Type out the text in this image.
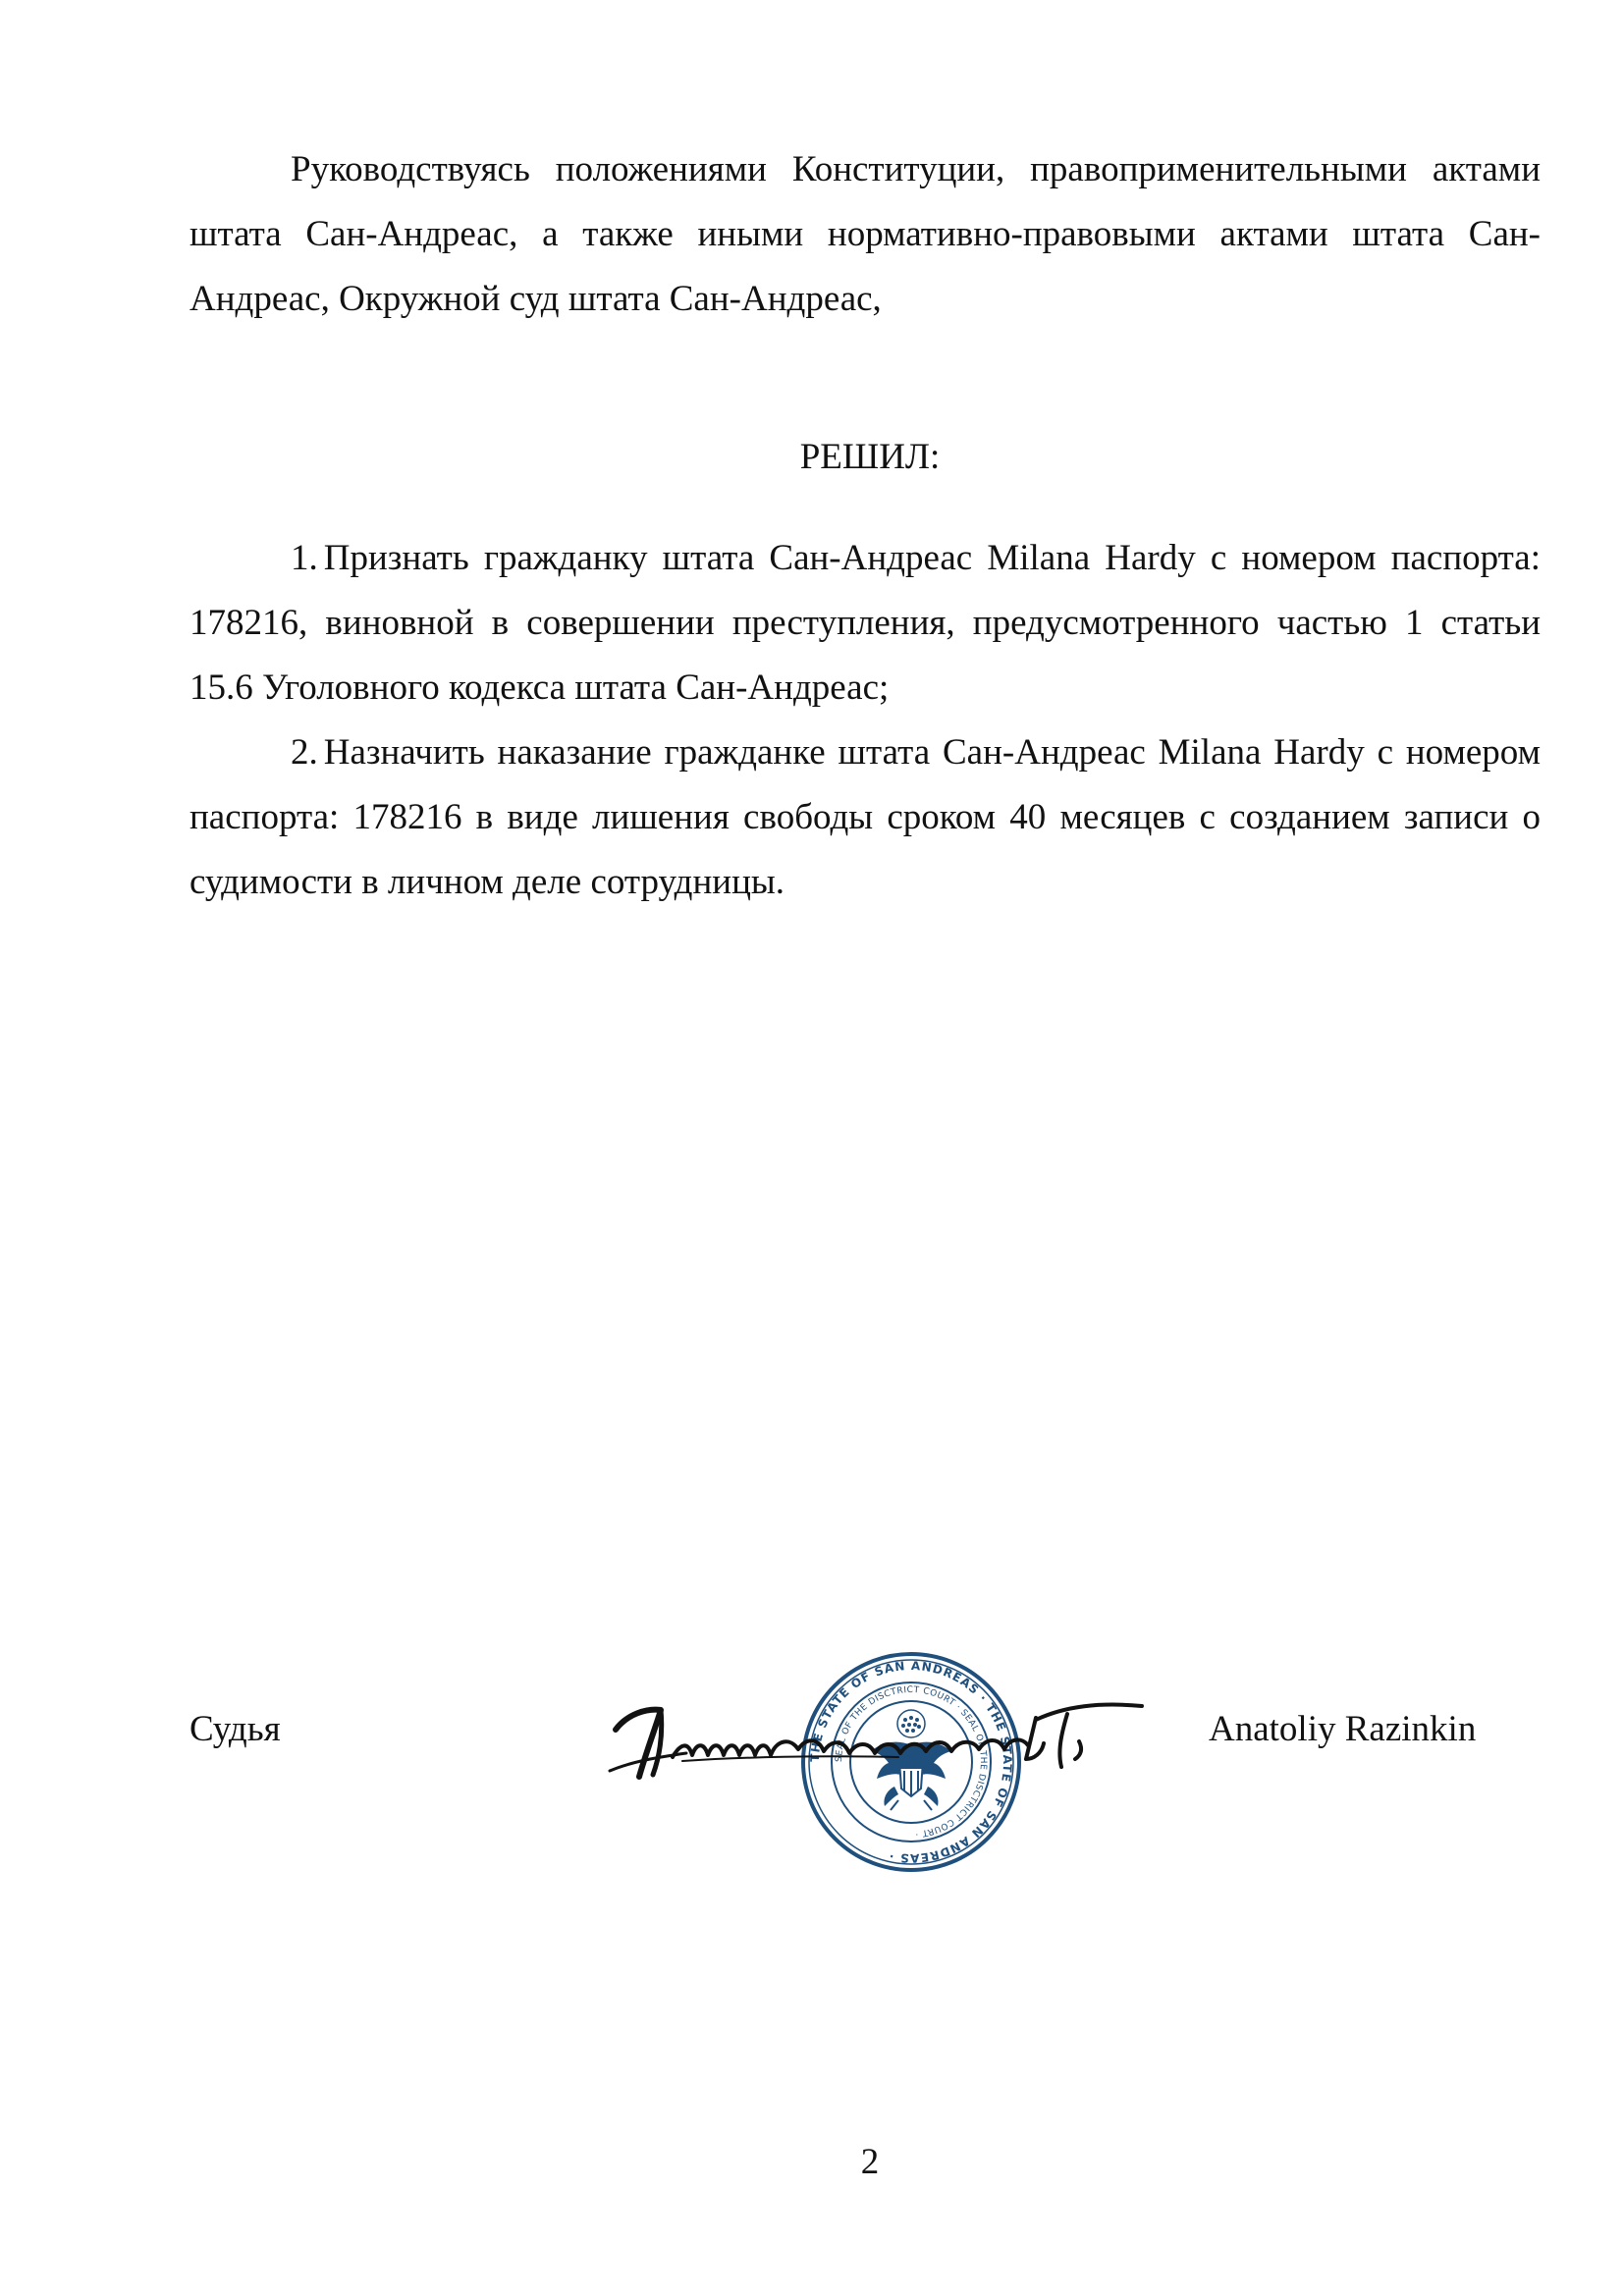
Руководствуясь положениями Конституции, правоприменительными актами штата Сан-Андреас, а также иными нормативно-правовыми актами штата Сан-Андреас, Окружной суд штата Сан-Андреас,
РЕШИЛ:

1. Признать гражданку штата Сан-Андреас Milana Hardy с номером паспорта: 178216, виновной в совершении преступления, предусмотренного частью 1 статьи 15.6 Уголовного кодекса штата Сан-Андреас;

2. Назначить наказание гражданке штата Сан-Андреас Milana Hardy с номером паспорта: 178216 в виде лишения свободы сроком 40 месяцев с созданием записи о судимости в личном деле сотрудницы.

Судья	Anatoliy Razinkin
THE STATE OF SAN ANDREAS · THE STATE OF SAN ANDREAS ·
SEAL OF THE DISCTRICT COURT · SEAL OF THE DISCTRICT COURT ·
2
